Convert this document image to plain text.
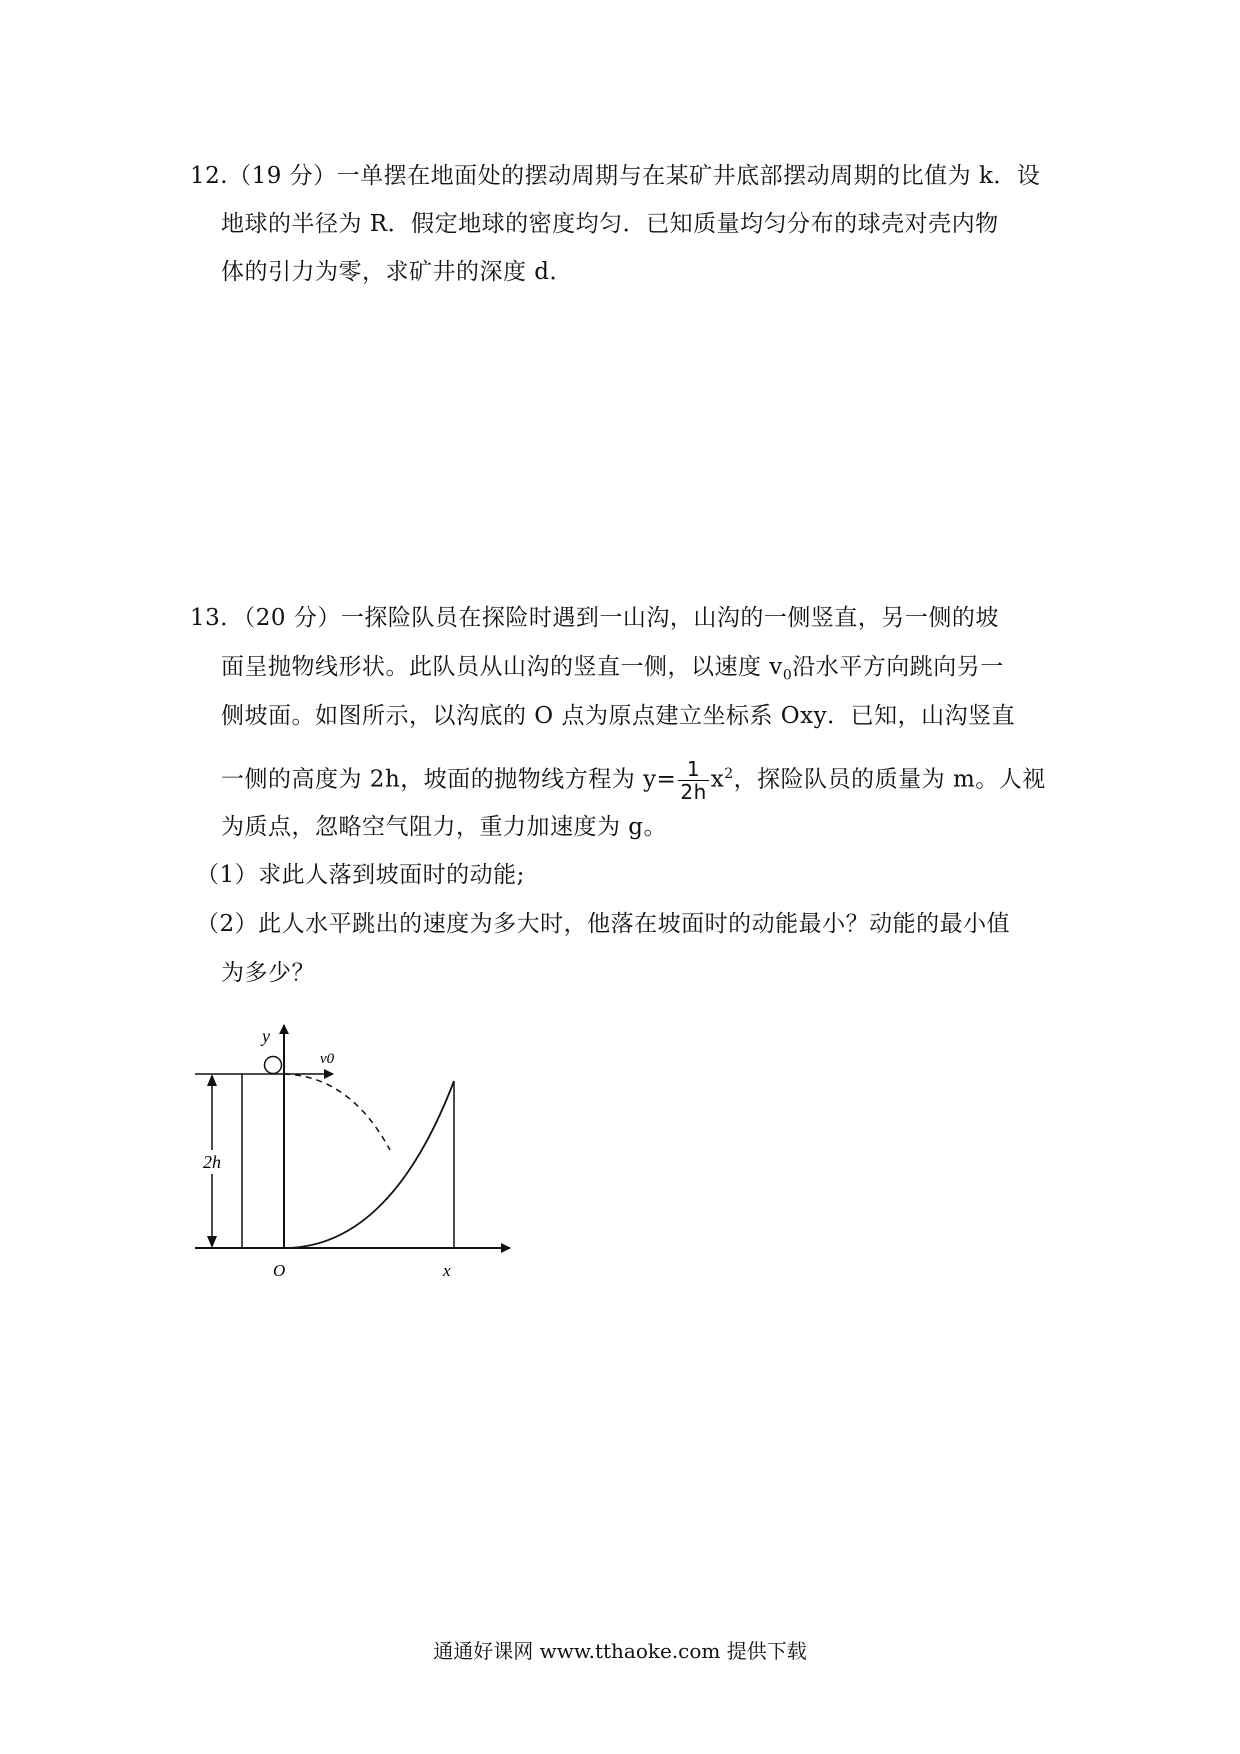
12.（19 分）一单摆在地面处的摆动周期与在某矿井底部摆动周期的比值为 k．设
地球的半径为 R．假定地球的密度均匀．已知质量均匀分布的球壳对壳内物
体的引力为零，求矿井的深度 d．
13．（20 分）一探险队员在探险时遇到一山沟，山沟的一侧竖直，另一侧的坡
面呈抛物线形状。此队员从山沟的竖直一侧，以速度 $v_0$沿水平方向跳向另一
侧坡面。如图所示，以沟底的 O 点为原点建立坐标系 Oxy．已知，山沟竖直
一侧的高度为 2h，坡面的抛物线方程为 $y= \frac{1}{2h} x^2$，探险队员的质量为 m。人视
为质点，忽略空气阻力，重力加速度为 g。
（1）求此人落到坡面时的动能;
（2）此人水平跳出的速度为多大时，他落在坡面时的动能最小？动能的最小值
为多少？
2h
v0
y
x
O
通通好课网 www.tthaoke.com 提供下载
